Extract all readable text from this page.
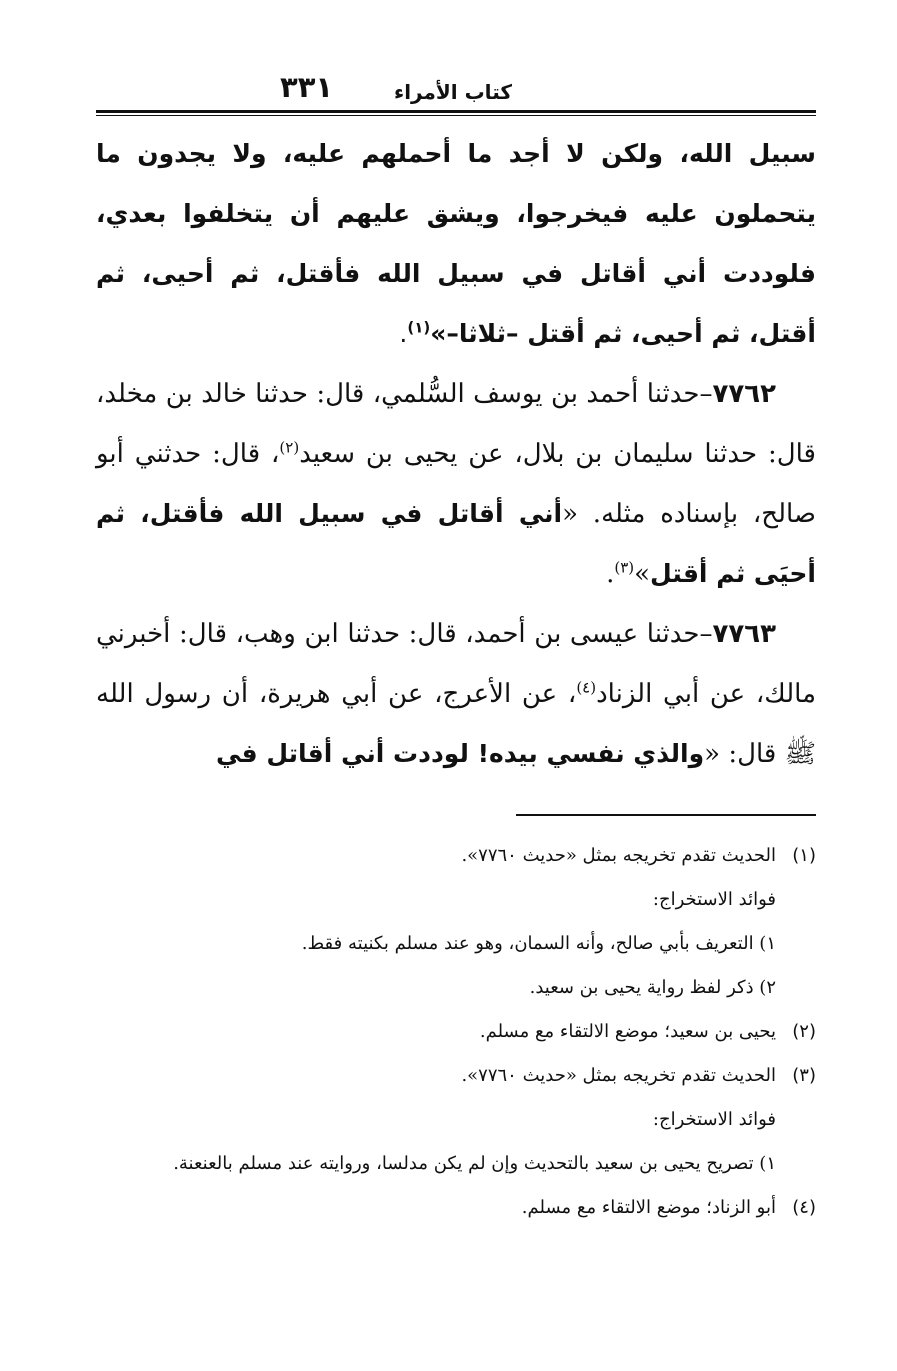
كتاب الأمراء
٣٣١

سبيل الله، ولكن لا أجد ما أحملهم عليه، ولا يجدون ما يتحملون عليه فيخرجوا، ويشق عليهم أن يتخلفوا بعدي، فلوددت أني أقاتل في سبيل الله فأقتل، ثم أحيى، ثم أقتل، ثم أحيى، ثم أقتل –ثلاثا–»$^{(١)}$.

٧٧٦٢–حدثنا أحمد بن يوسف السُّلمي، قال: حدثنا خالد بن مخلد، قال: حدثنا سليمان بن بلال، عن يحيى بن سعيد$^{(٢)}$، قال: حدثني أبو صالح، بإسناده مثله. «أني أقاتل في سبيل الله فأقتل، ثم أحيَى ثم أقتل»$^{(٣)}$.

٧٧٦٣–حدثنا عيسى بن أحمد، قال: حدثنا ابن وهب، قال: أخبرني مالك، عن أبي الزناد$^{(٤)}$، عن الأعرج، عن أبي هريرة، أن رسول الله ﷺ قال: «والذي نفسي بيده! لوددت أني أقاتل في

(١)
الحديث تقدم تخريجه بمثل «حديث ٧٧٦٠».
فوائد الاستخراج:
١) التعريف بأبي صالح، وأنه السمان، وهو عند مسلم بكنيته فقط.
٢) ذكر لفظ رواية يحيى بن سعيد.
(٢)
يحيى بن سعيد؛ موضع الالتقاء مع مسلم.
(٣)
الحديث تقدم تخريجه بمثل «حديث ٧٧٦٠».
فوائد الاستخراج:
١) تصريح يحيى بن سعيد بالتحديث وإن لم يكن مدلسا، وروايته عند مسلم بالعنعنة.
(٤)
أبو الزناد؛ موضع الالتقاء مع مسلم.
